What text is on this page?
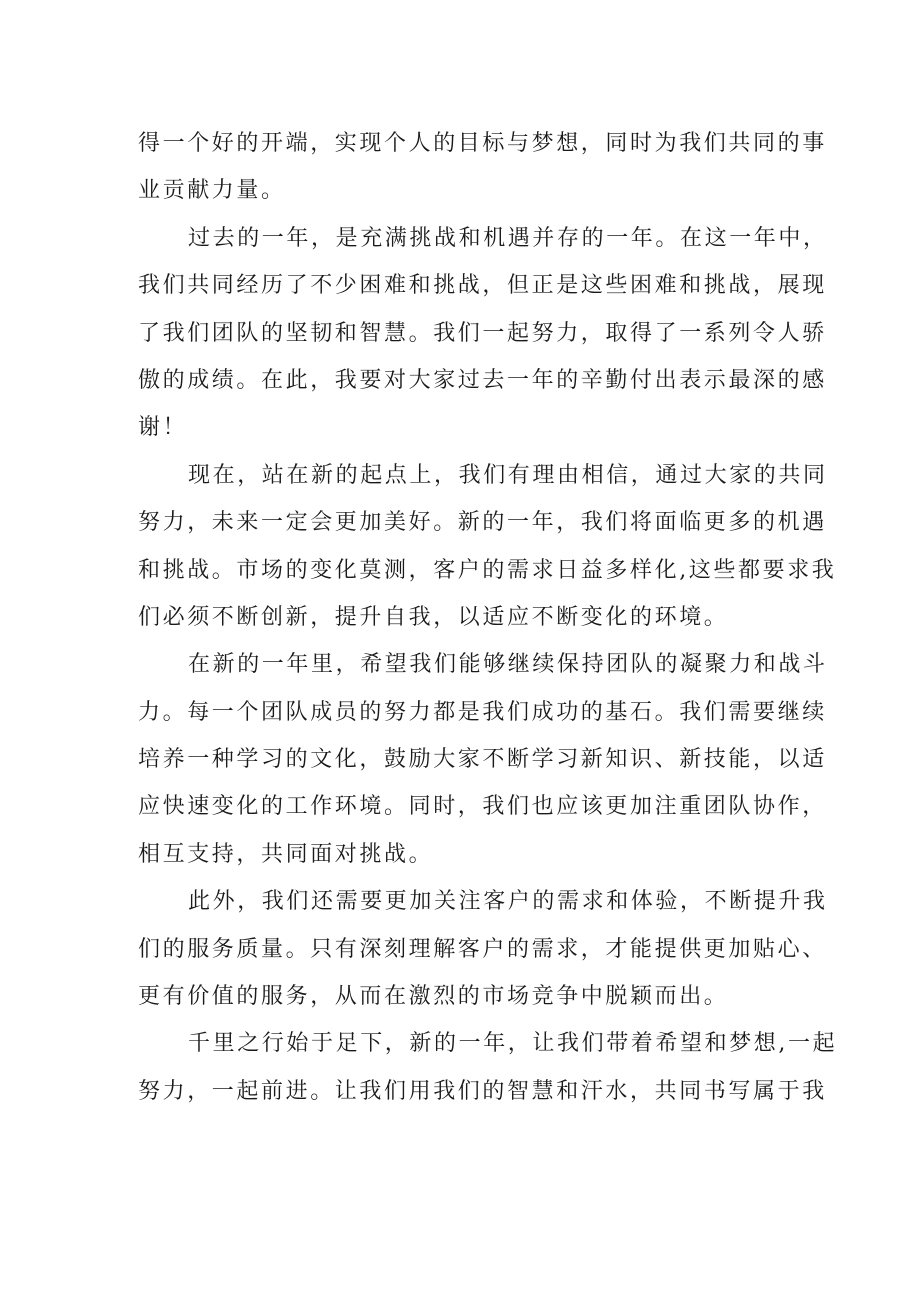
得一个好的开端，实现个人的目标与梦想，同时为我们共同的事
业贡献力量。
过去的一年，是充满挑战和机遇并存的一年。在这一年中，
我们共同经历了不少困难和挑战，但正是这些困难和挑战，展现
了我们团队的坚韧和智慧。我们一起努力，取得了一系列令人骄
傲的成绩。在此，我要对大家过去一年的辛勤付出表示最深的感
谢！
现在，站在新的起点上，我们有理由相信，通过大家的共同
努力，未来一定会更加美好。新的一年，我们将面临更多的机遇
和挑战。市场的变化莫测，客户的需求日益多样化,这些都要求我
们必须不断创新，提升自我，以适应不断变化的环境。
在新的一年里，希望我们能够继续保持团队的凝聚力和战斗
力。每一个团队成员的努力都是我们成功的基石。我们需要继续
培养一种学习的文化，鼓励大家不断学习新知识、新技能，以适
应快速变化的工作环境。同时，我们也应该更加注重团队协作，
相互支持，共同面对挑战。
此外，我们还需要更加关注客户的需求和体验，不断提升我
们的服务质量。只有深刻理解客户的需求，才能提供更加贴心、
更有价值的服务，从而在激烈的市场竞争中脱颖而出。
千里之行始于足下，新的一年，让我们带着希望和梦想,一起
努力，一起前进。让我们用我们的智慧和汗水，共同书写属于我
